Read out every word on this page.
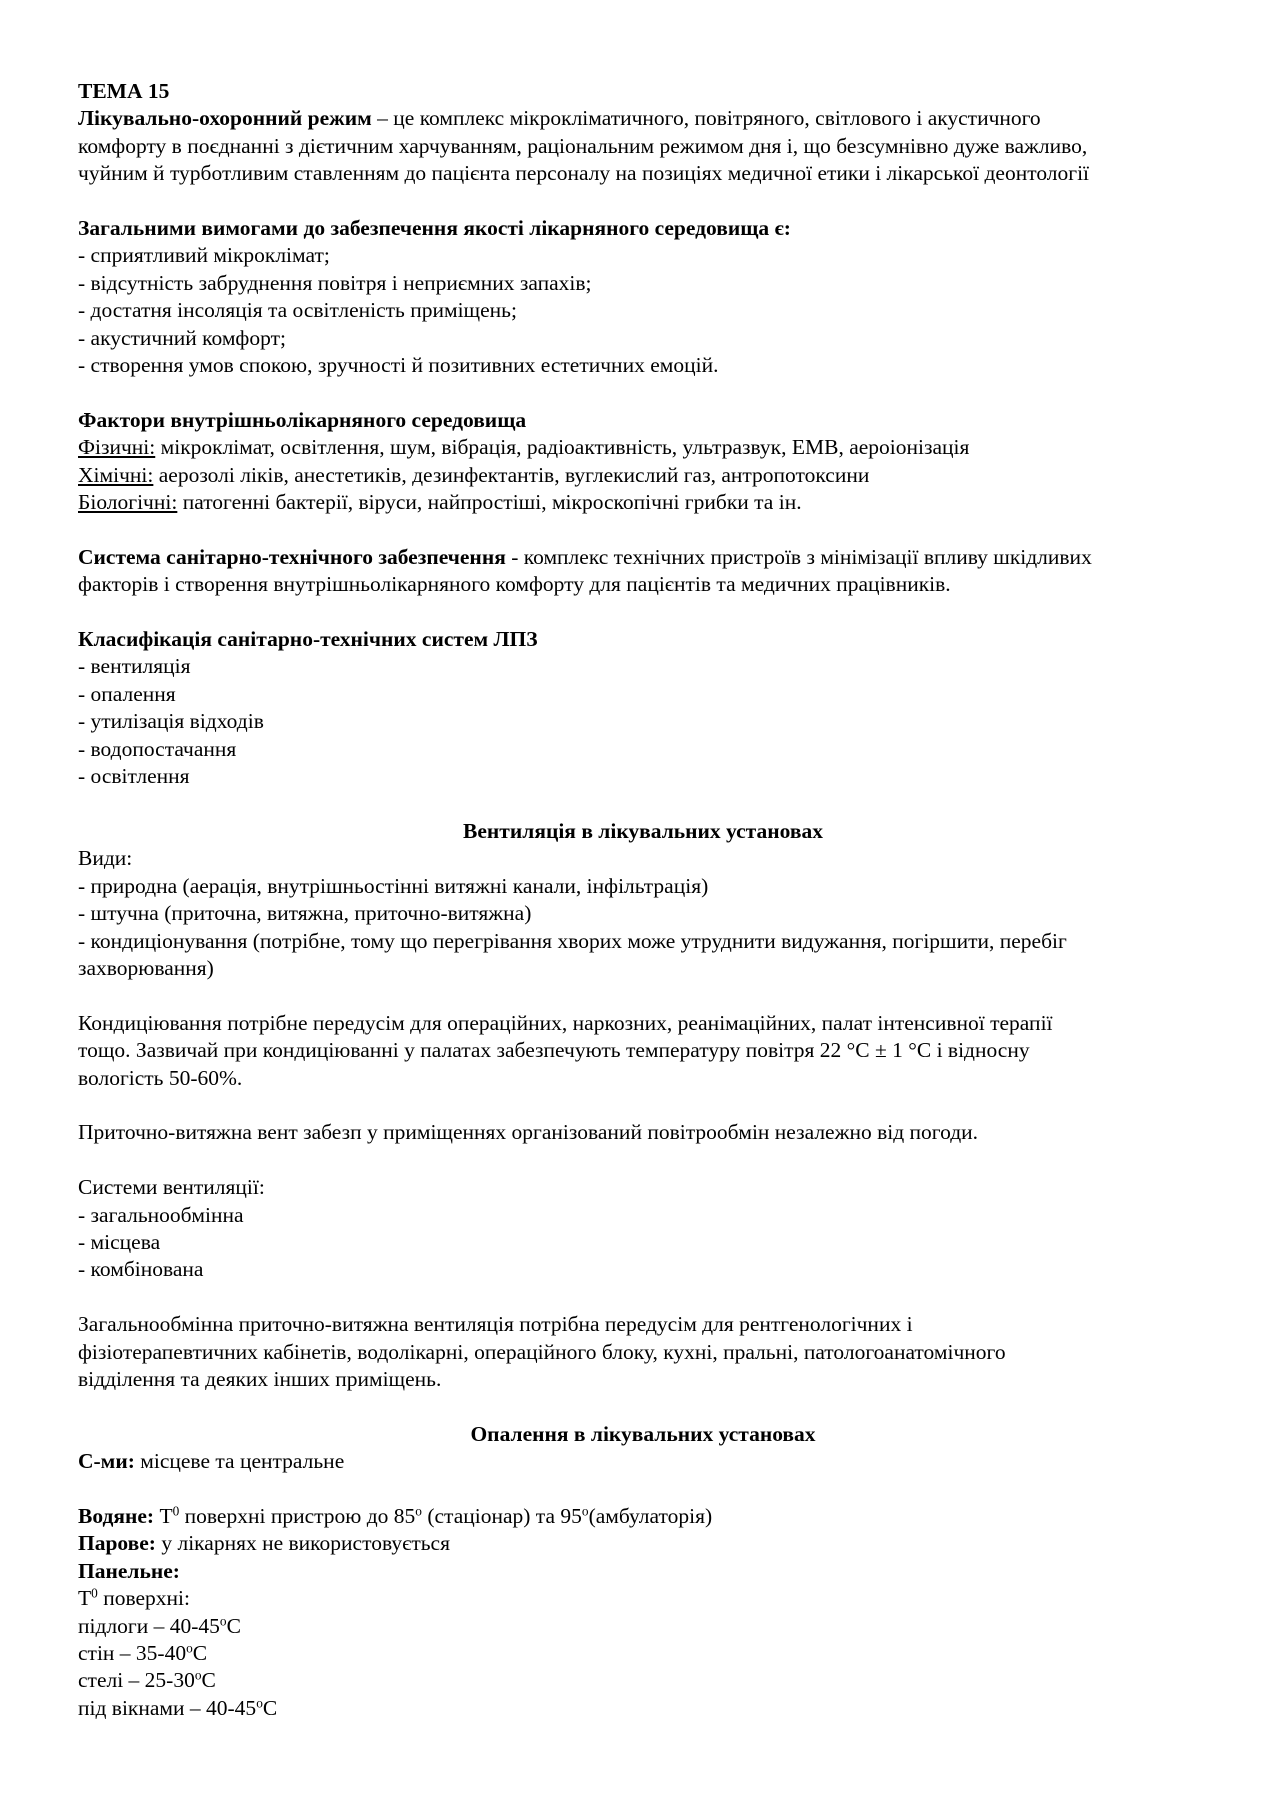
ТЕМА 15

Лікувально-охоронний режим – це комплекс мікрокліматичного, повітряного, світлового і акустичного

комфорту в поєднанні з дієтичним харчуванням, раціональним режимом дня і, що безсумнівно дуже важливо,

чуйним й турботливим ставленням до пацієнта персоналу на позиціях медичної етики і лікарської деонтології

Загальними вимогами до забезпечення якості лікарняного середовища є:

- сприятливий мікроклімат;

- відсутність забруднення повітря і неприємних запахів;

- достатня інсоляція та освітленість приміщень;

- акустичний комфорт;

- створення умов спокою, зручності й позитивних естетичних емоцій.

Фактори внутрішньолікарняного середовища

Фізичні: мікроклімат, освітлення, шум, вібрація, радіоактивність, ультразвук, ЕМВ, аероіонізація

Хімічні: аерозолі ліків, анестетиків, дезинфектантів, вуглекислий газ, антропотоксини

Біологічні: патогенні бактерії, віруси, найпростіші, мікроскопічні грибки та ін.

Система санітарно-технічного забезпечення - комплекс технічних пристроїв з мінімізації впливу шкідливих

факторів і створення внутрішньолікарняного комфорту для пацієнтів та медичних працівників.

Класифікація санітарно-технічних систем ЛПЗ

- вентиляція

- опалення

- утилізація відходів

- водопостачання

- освітлення

Вентиляція в лікувальних установах

Види:

- природна (аерація, внутрішньостінні витяжні канали, інфільтрація)

- штучна (приточна, витяжна, приточно-витяжна)

- кондиціонування (потрібне, тому що перегрівання хворих може утруднити видужання, погіршити, перебіг

захворювання)

Кондиціювання потрібне передусім для операційних, наркозних, реанімаційних, палат інтенсивної терапії

тощо. Зазвичай при кондиціюванні у палатах забезпечують температуру повітря 22 °С ± 1 °С і відносну

вологість 50-60%.

Приточно-витяжна вент забезп у приміщеннях організований повітрообмін незалежно від погоди.

Системи вентиляції:

- загальнообмінна

- місцева

- комбінована

Загальнообмінна приточно-витяжна вентиляція потрібна передусім для рентгенологічних і

фізіотерапевтичних кабінетів, водолікарні, операційного блоку, кухні, пральні, патологоанатомічного

відділення та деяких інших приміщень.

Опалення в лікувальних установах

С-ми: місцеве та центральне

Водяне: $Т^0$ поверхні пристрою до $85^о$ (стаціонар) та $95^о(амбулаторія)$

Парове: у лікарнях не використовується

Панельне:

$Т^0$ поверхні:

підлоги – $40-45^оС$

стін – $35-40^оС$

стелі – $25-30^оС$

під вікнами – $40-45^оС$
